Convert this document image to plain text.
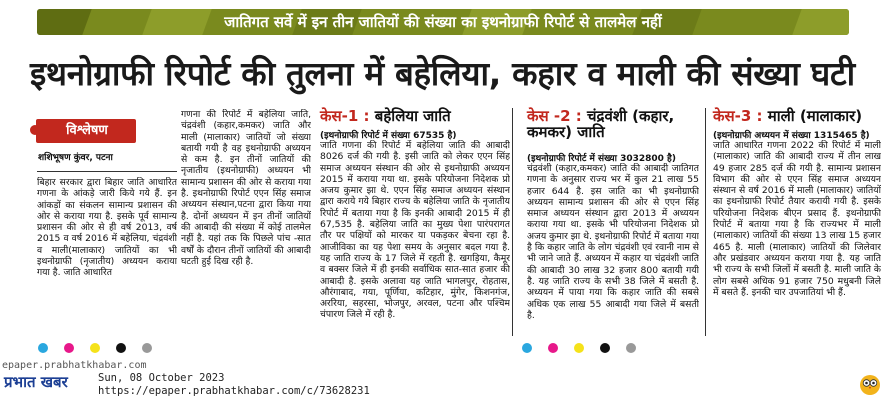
जातिगत सर्वे में इन तीन जातियों की संख्या का इथनोग्राफी रिपोर्ट से तालमेल नहीं
इथनोग्राफी रिपोर्ट की तुलना में बहेलिया, कहार व माली की संख्या घटी
विश्लेषण
शशिभूषण कुंवर, पटना
बिहार सरकार द्वारा बिहार जाति आधारित गणना के आंकड़े जारी किये गये हैं. इन आंकड़ों का संकलन सामान्य प्रशासन की ओर से कराया गया है. इसके पूर्व सामान्य प्रशासन की ओर से ही वर्ष 2013, वर्ष 2015 व वर्ष 2016 में बहेलिया, चंद्रवंशी व माली(मालाकार) जातियों का भी इथनोग्राफी (नृजातीय) अध्ययन कराया गया है. जाति आधारित
गणना की रिपोर्ट में बहेलिया जाति, चंद्रवंशी (कहार,कमकर) जाति और माली (मालाकार) जातियों जो संख्या बतायी गयी है वह इथनोग्राफी अध्ययन से कम है. इन तीनों जातियों की नृजातीय (इथनोग्राफी) अध्ययन भी सामान्य प्रशासन की ओर से कराया गया है. इथनोग्राफी रिपोर्ट एएन सिंह समाज अध्ययन संस्थान,पटना द्वारा किया गया है. दोनों अध्ययन में इन तीनों जातियों की आबादी की संख्या में कोई तालमेल नहीं है. यहां तक कि पिछले पांच -सात वर्षों के दौरान तीनों जातियों की आबादी घटती हुई दिख रही है.
केस-1 : बहेलिया जाति
(इथनोग्राफी रिपोर्ट में संख्या 67535 है)
जाति गणना की रिपोर्ट में बहेलिया जाति की आबादी 8026 दर्ज की गयी है. इसी जाति को लेकर एएन सिंह समाज अध्ययन संस्थान की ओर से इथनोग्राफी अध्ययन 2015 में कराया गया था. इसके परियोजना निदेशक प्रो अजय कुमार झा थे. एएन सिंह समाज अध्ययन संस्थान द्वारा कराये गये बिहार राज्य के बहेलिया जाति के नृजातीय रिपोर्ट में बताया गया है कि इनकी आबादी 2015 में ही 67,535 है. बहेलिया जाति का मुख्य पेशा पारंपरागत तौर पर पक्षियों को मारकर या पकड़कर बेचना रहा है. आजीविका का यह पेशा समय के अनुसार बदल गया है. यह जाति राज्य के 17 जिले में रहती है. खगड़िया, कैमूर व बक्सर जिले में ही इनकी सर्वाधिक सात-सात हजार की आबादी है. इसके अलावा यह जाति भागलपुर, रोहतास, औरंगाबाद, गया, पूर्णिया, कटिहार, मुंगेर, किशनगंज, अररिया, सहरसा, भोजपुर, अरवल, पटना और पश्चिम चंपारण जिले में रही है.
केस -2 : चंद्रवंशी (कहार, कमकर) जाति
(इथनोग्राफी रिपोर्ट में संख्या 3032800 है)
चंद्रवंशी (कहार,कमकर) जाति की आबादी जातिगत गणना के अनुसार राज्य भर में कुल 21 लाख 55 हजार 644 है. इस जाति का भी इथनोग्राफी अध्ययन सामान्य प्रशासन की ओर से एएन सिंह समाज अध्ययन संस्थान द्वारा 2013 में अध्ययन कराया गया था. इसके भी परियोजना निदेशक प्रो अजय कुमार झा थे. इथनोग्राफी रिपोर्ट में बताया गया है कि कहार जाति के लोग चंद्रवंशी एवं रवानी नाम से भी जाने जाते हैं. अध्ययन में कहार या चंद्रवंशी जाति की आबादी 30 लाख 32 हजार 800 बतायी गयी है. यह जाति राज्य के सभी 38 जिले में बसती है. अध्ययन में पाया गया कि कहार जाति की सबसे अधिक एक लाख 55 आबादी गया जिले में बसती है.
केस-3 : माली (मालाकार)
(इथनोग्राफी अध्ययन में संख्या 1315465 है)
जाति आधारित गणना 2022 की रिपोर्ट में माली (मालाकार) जाति की आबादी राज्य में तीन लाख 49 हजार 285 दर्ज की गयी है. सामान्य प्रशासन विभाग की ओर से एएन सिंह समाज अध्ययन संस्थान से वर्ष 2016 में माली (मालाकार) जातियों का इथनोग्राफी रिपोर्ट तैयार करायी गयी है. इसके परियोजना निदेशक बीएन प्रसाद हैं. इथनोग्राफी रिपोर्ट में बताया गया है कि राज्यभर में माली (मालाकार) जातियों की संख्या 13 लाख 15 हजार 465 है. माली (मालाकार) जातियों की जिलेवार और प्रखंडवार अध्ययन कराया गया है. यह जाति भी राज्य के सभी जिलों में बसती है. माली जाति के लोग सबसे अधिक 91 हजार 750 मधुबनी जिले में बसते हैं. इनकी चार उपजातियां भी हैं.
epaper.prabhatkhabar.com
प्रभात खबर	Sun, 08 October 2023
https://epaper.prabhatkhabar.com/c/73628231
